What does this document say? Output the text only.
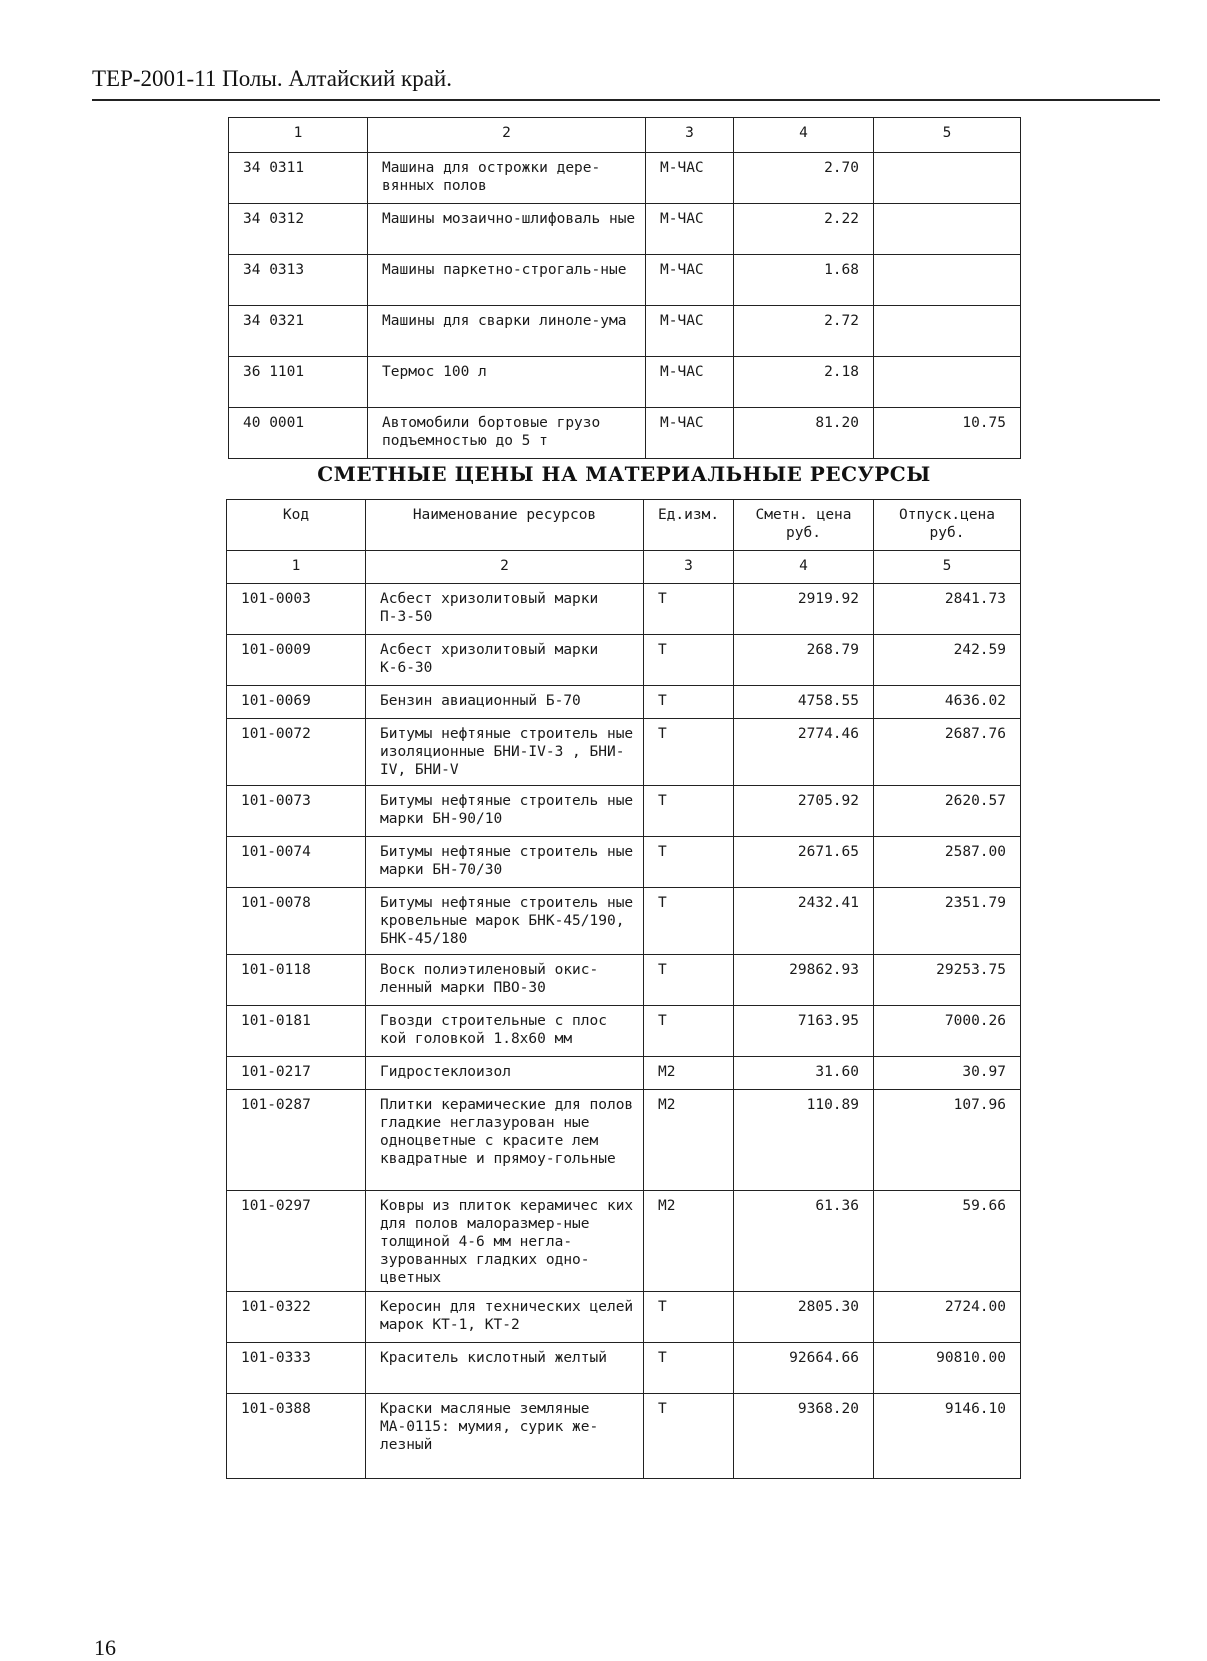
ТЕР-2001-11 Полы. Алтайский край.
1	2	3	4	5
34 0311	Машина для острожки дере-вянных полов	М-ЧАС	2.70	
34 0312	Машины мозаично-шлифоваль ные	М-ЧАС	2.22	
34 0313	Машины паркетно-строгаль-ные	М-ЧАС	1.68	
34 0321	Машины для сварки линоле-ума	М-ЧАС	2.72	
36 1101	Термос 100 л	М-ЧАС	2.18	
40 0001	Автомобили бортовые грузо подъемностью до 5 т	М-ЧАС	81.20	10.75
СМЕТНЫЕ ЦЕНЫ НА МАТЕРИАЛЬНЫЕ РЕСУРСЫ
Код	Наименование ресурсов	Ед.изм.	Сметн. цена руб.	Отпуск.цена руб.
1	2	3	4	5
101-0003	Асбест хризолитовый марки П-3-50	Т	2919.92	2841.73
101-0009	Асбест хризолитовый марки К-6-30	Т	268.79	242.59
101-0069	Бензин авиационный Б-70	Т	4758.55	4636.02
101-0072	Битумы нефтяные строитель ные изоляционные БНИ-IV-3 , БНИ-IV, БНИ-V	Т	2774.46	2687.76
101-0073	Битумы нефтяные строитель ные марки БН-90/10	Т	2705.92	2620.57
101-0074	Битумы нефтяные строитель ные марки БН-70/30	Т	2671.65	2587.00
101-0078	Битумы нефтяные строитель ные кровельные марок БНК-45/190, БНК-45/180	Т	2432.41	2351.79
101-0118	Воск полиэтиленовый окис-ленный марки ПВО-30	Т	29862.93	29253.75
101-0181	Гвозди строительные с плос кой головкой 1.8х60 мм	Т	7163.95	7000.26
101-0217	Гидростеклоизол	М2	31.60	30.97
101-0287	Плитки керамические для полов гладкие неглазурован ные одноцветные с красите лем квадратные и прямоу-гольные	М2	110.89	107.96
101-0297	Ковры из плиток керамичес ких для полов малоразмер-ные толщиной 4-6 мм негла-зурованных гладких одно-цветных	М2	61.36	59.66
101-0322	Керосин для технических целей марок КТ-1, КТ-2	Т	2805.30	2724.00
101-0333	Краситель кислотный желтый	Т	92664.66	90810.00
101-0388	Краски масляные земляные МА-0115: мумия, сурик же-лезный	Т	9368.20	9146.10
16
